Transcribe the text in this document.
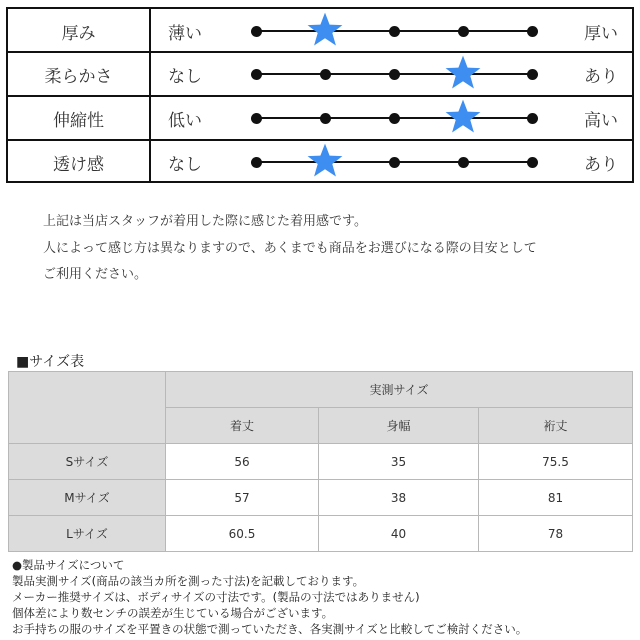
厚み	薄い	厚い
柔らかさ	なし	あり
伸縮性	低い	高い
透け感	なし	あり
上記は当店スタッフが着用した際に感じた着用感です。
人によって感じ方は異なりますので、あくまでも商品をお選びになる際の目安として
ご利用ください。
■サイズ表
	実測サイズ		
	着丈	身幅	裄丈
Sサイズ	56	35	75.5
Mサイズ	57	38	81
Lサイズ	60.5	40	78
●製品サイズについて
製品実測サイズ(商品の該当カ所を測った寸法)を記載しております。
メーカー推奨サイズは、ボディサイズの寸法です。(製品の寸法ではありません)
個体差により数センチの誤差が生じている場合がございます。
お手持ちの服のサイズを平置きの状態で測っていただき、各実測サイズと比較してご検討ください。
